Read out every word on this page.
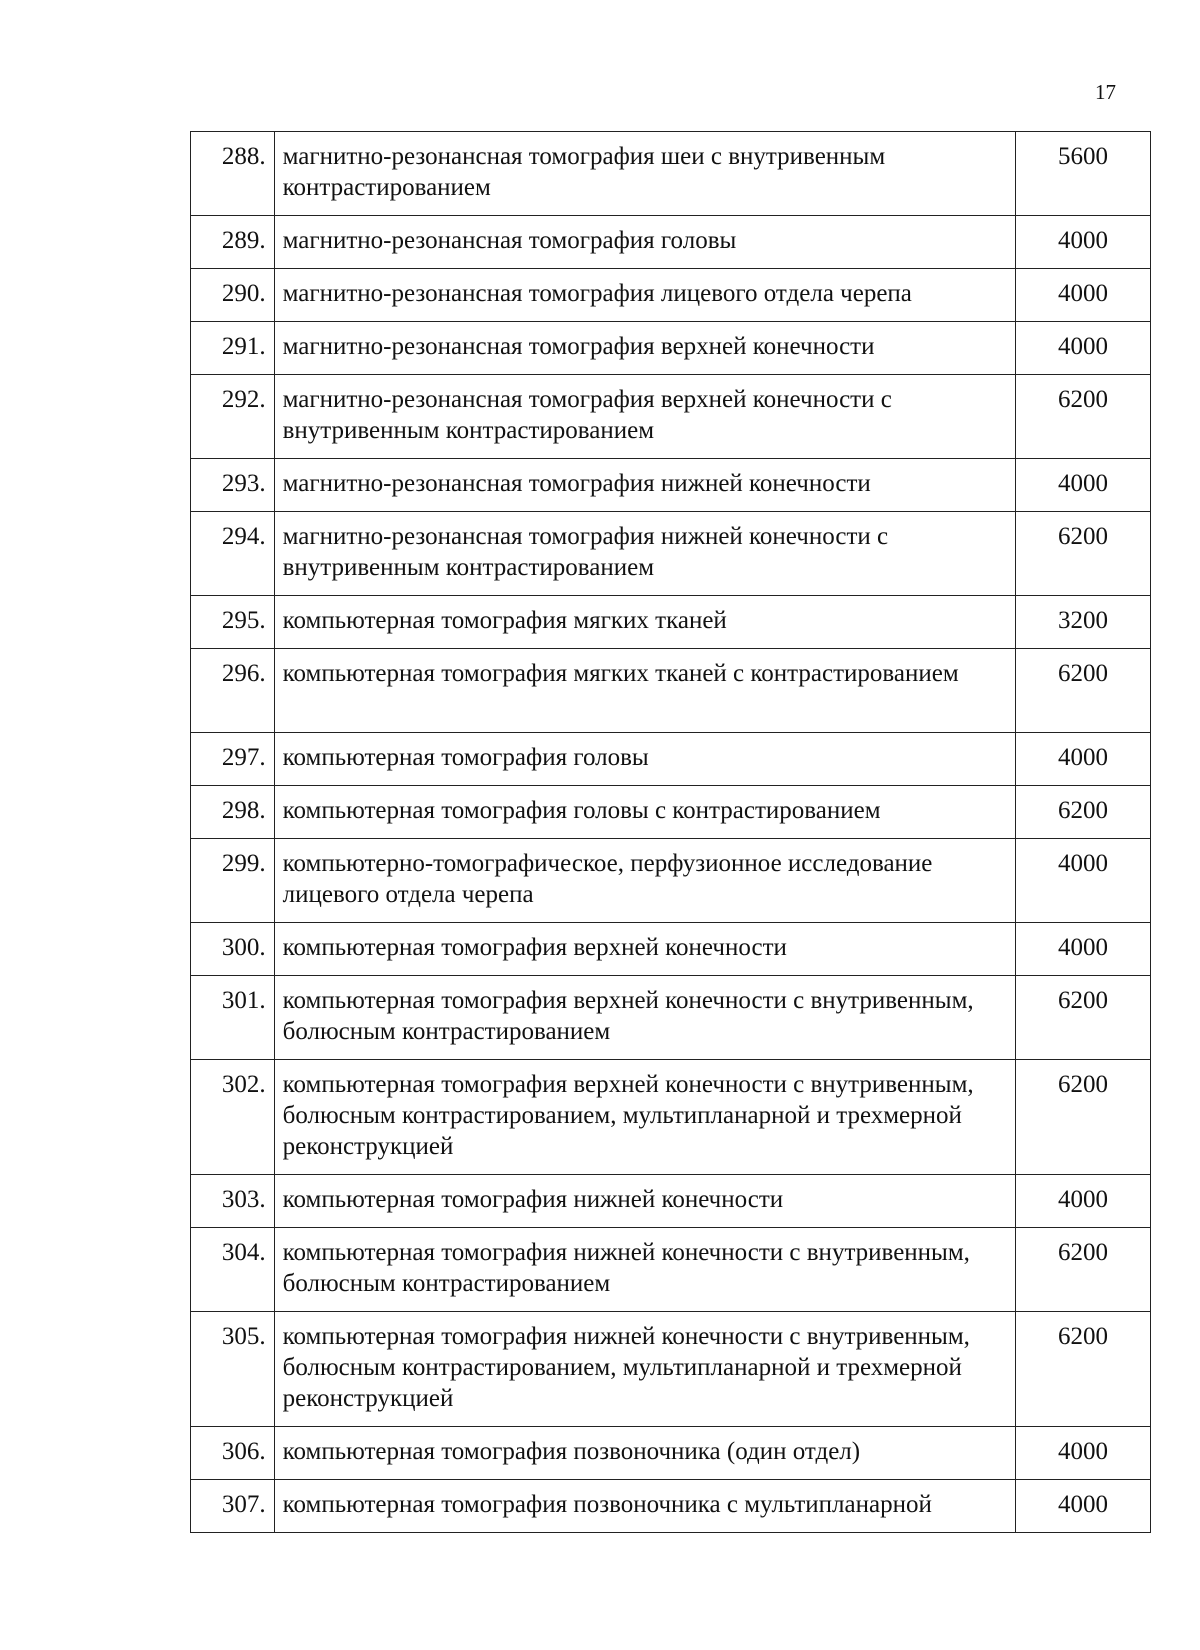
17
288.	магнитно-резонансная томография шеи с внутривенным контрастированием	5600
289.	магнитно-резонансная томография головы	4000
290.	магнитно-резонансная томография лицевого отдела черепа	4000
291.	магнитно-резонансная томография верхней конечности	4000
292.	магнитно-резонансная томография верхней конечности с внутривенным контрастированием	6200
293.	магнитно-резонансная томография нижней конечности	4000
294.	магнитно-резонансная томография нижней конечности с внутривенным контрастированием	6200
295.	компьютерная томография мягких тканей	3200
296.	компьютерная томография мягких тканей с контрастированием	6200
297.	компьютерная томография головы	4000
298.	компьютерная томография головы с контрастированием	6200
299.	компьютерно-томографическое, перфузионное исследование лицевого отдела черепа	4000
300.	компьютерная томография верхней конечности	4000
301.	компьютерная томография верхней конечности с внутривенным, болюсным контрастированием	6200
302.	компьютерная томография верхней конечности с внутривенным, болюсным контрастированием, мультипланарной и трехмерной реконструкцией	6200
303.	компьютерная томография нижней конечности	4000
304.	компьютерная томография нижней конечности с внутривенным, болюсным контрастированием	6200
305.	компьютерная томография нижней конечности с внутривенным, болюсным контрастированием, мультипланарной и трехмерной реконструкцией	6200
306.	компьютерная томография позвоночника (один отдел)	4000
307.	компьютерная томография позвоночника с мультипланарной	4000
